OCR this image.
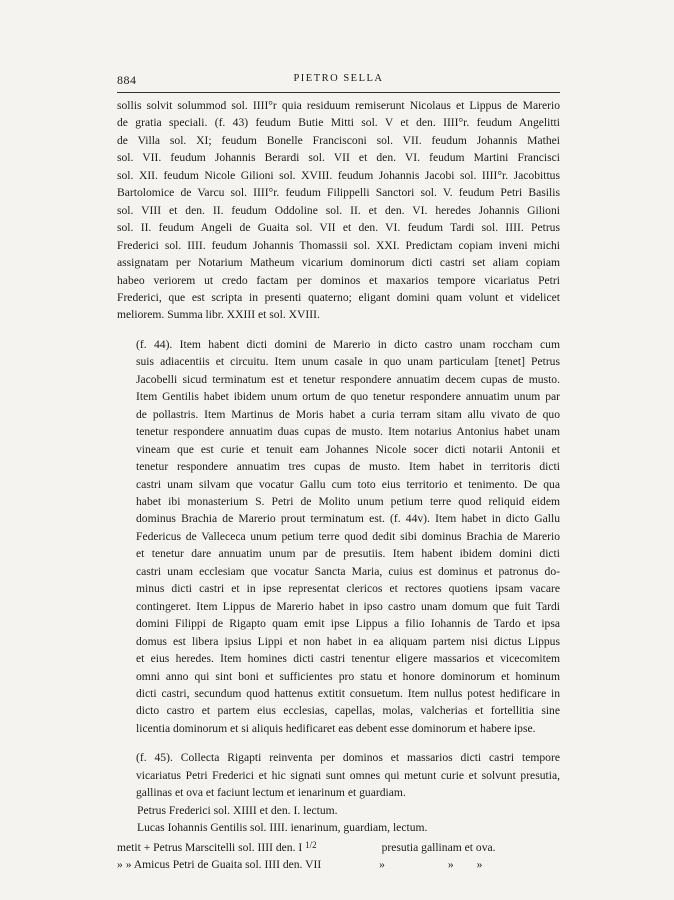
884	PIETRO SELLA

sollis solvit solummod sol. IIII°r quia residuum remiserunt Nicolaus et Lippus de Marerio
de gratia speciali. (f. 43) feudum Butie Mitti sol. V et den. IIII°r. feudum Angelitti
de Villa sol. XI; feudum Bonelle Francisconi sol. VII. feudum Johannis Mathei
sol. VII. feudum Johannis Berardi sol. VII et den. VI. feudum Martini Francisci
sol. XII. feudum Nicole Gilioni sol. XVIII. feudum Johannis Jacobi sol. IIII°r. Jacobittus
Bartolomice de Varcu sol. IIII°r. feudum Filippelli Sanctori sol. V. feudum Petri Basilis
sol. VIII et den. II. feudum Oddoline sol. II. et den. VI. heredes Johannis Gilioni
sol. II. feudum Angeli de Guaita sol. VII et den. VI. feudum Tardi sol. IIII. Petrus
Frederici sol. IIII. feudum Johannis Thomassii sol. XXI. Predictam copiam inveni michi
assignatam per Notarium Matheum vicarium dominorum dicti castri set aliam copiam
habeo veriorem ut credo factam per dominos et maxarios tempore vicariatus Petri
Frederici, que est scripta in presenti quaterno; eligant domini quam volunt et videlicet
meliorem. Summa libr. XXIII et sol. XVIII.

(f. 44). Item habent dicti domini de Marerio in dicto castro unam roccham cum
suis adiacentiis et circuitu. Item unum casale in quo unam particulam [tenet] Petrus
Jacobelli sicud terminatum est et tenetur respondere annuatim decem cupas de musto.
Item Gentilis habet ibidem unum ortum de quo tenetur respondere annuatim unum par
de pollastris. Item Martinus de Moris habet a curia terram sitam allu vivato de quo
tenetur respondere annuatim duas cupas de musto. Item notarius Antonius habet unam
vineam que est curie et tenuit eam Johannes Nicole socer dicti notarii Antonii et
tenetur respondere annuatim tres cupas de musto. Item habet in territoris dicti
castri unam silvam que vocatur Gallu cum toto eius territorio et tenimento. De qua
habet ibi monasterium S. Petri de Molito unum petium terre quod reliquid eidem
dominus Brachia de Marerio prout terminatum est. (f. 44v). Item habet in dicto Gallu
Federicus de Vallececa unum petium terre quod dedit sibi dominus Brachia de Marerio
et tenetur dare annuatim unum par de presutiis. Item habent ibidem domini dicti
castri unam ecclesiam que vocatur Sancta Maria, cuius est dominus et patronus do-
minus dicti castri et in ipse representat clericos et rectores quotiens ipsam vacare
contingeret. Item Lippus de Marerio habet in ipso castro unam domum que fuit Tardi
domini Filippi de Rigapto quam emit ipse Lippus a filio Iohannis de Tardo et ipsa
domus est libera ipsius Lippi et non habet in ea aliquam partem nisi dictus Lippus
et eius heredes. Item homines dicti castri tenentur eligere massarios et vicecomitem
omni anno qui sint boni et sufficientes pro statu et honore dominorum et hominum
dicti castri, secundum quod hattenus extitit consuetum. Item nullus potest hedificare in
dicto castro et partem eius ecclesias, capellas, molas, valcherias et fortellitia sine
licentia dominorum et si aliquis hedificaret eas debent esse dominorum et habere ipse.

(f. 45). Collecta Rigapti reinventa per dominos et massarios dicti castri tempore
vicariatus Petri Frederici et hic signati sunt omnes qui metunt curie et solvunt presutia,
gallinas et ova et faciunt lectum et ienarinum et guardiam.

Petrus Frederici sol. XIIII et den. I. lectum.
Lucas Iohannis Gentilis sol. IIII. ienarinum, guardiam, lectum.
metit + Petrus Marscitelli sol. IIII den. I $^{1/2}$	presutia gallinam et ova.
» » Amicus Petri de Guaita sol. IIII den. VII	»	» »
